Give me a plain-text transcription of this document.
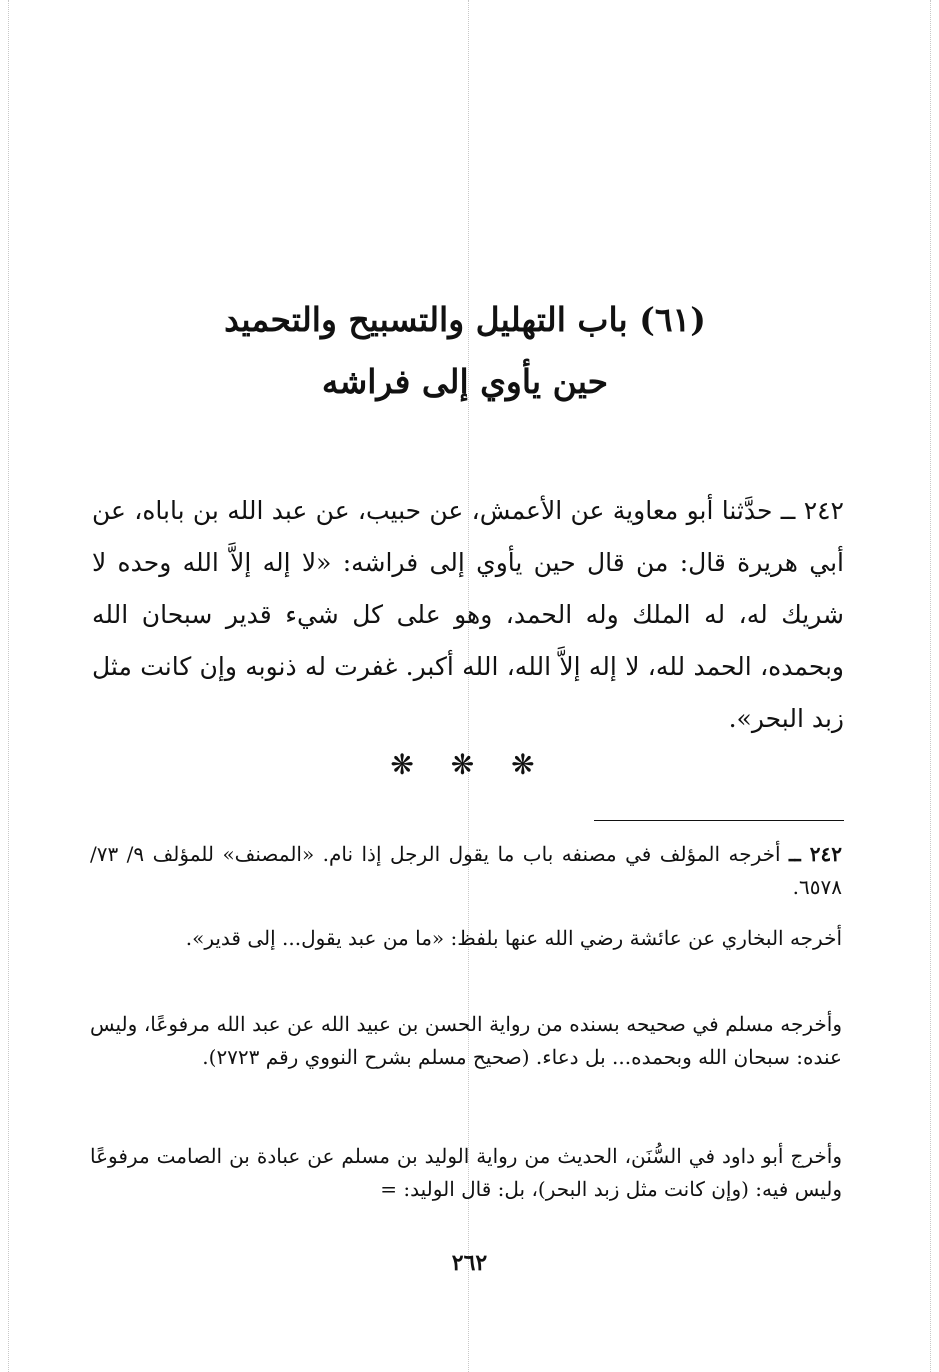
(٦١) باب التهليل والتسبيح والتحميد
حين يأوي إلى فراشه

٢٤٢ ــ حدَّثنا أبو معاوية عن الأعمش، عن حبيب، عن عبد الله بن باباه، عن أبي هريرة قال: من قال حين يأوي إلى فراشه: «لا إله إلاَّ الله وحده لا شريك له، له الملك وله الحمد، وهو على كل شيء قدير سبحان الله وبحمده، الحمد لله، لا إله إلاَّ الله، الله أكبر. غفرت له ذنوبه وإن كانت مثل زبد البحر».

❋ ❋ ❋

٢٤٢ ــ أخرجه المؤلف في مصنفه باب ما يقول الرجل إذا نام. «المصنف» للمؤلف ٩/ ٧٣/ ٦٥٧٨.

أخرجه البخاري عن عائشة رضي الله عنها بلفظ: «ما من عبد يقول... إلى قدير».

وأخرجه مسلم في صحيحه بسنده من رواية الحسن بن عبيد الله عن عبد الله مرفوعًا، وليس عنده: سبحان الله وبحمده... بل دعاء. (صحيح مسلم بشرح النووي رقم ٢٧٢٣).

وأخرج أبو داود في السُّنَن، الحديث من رواية الوليد بن مسلم عن عبادة بن الصامت مرفوعًا وليس فيه: (وإن كانت مثل زبد البحر)، بل: قال الوليد: =

٢٦٢
